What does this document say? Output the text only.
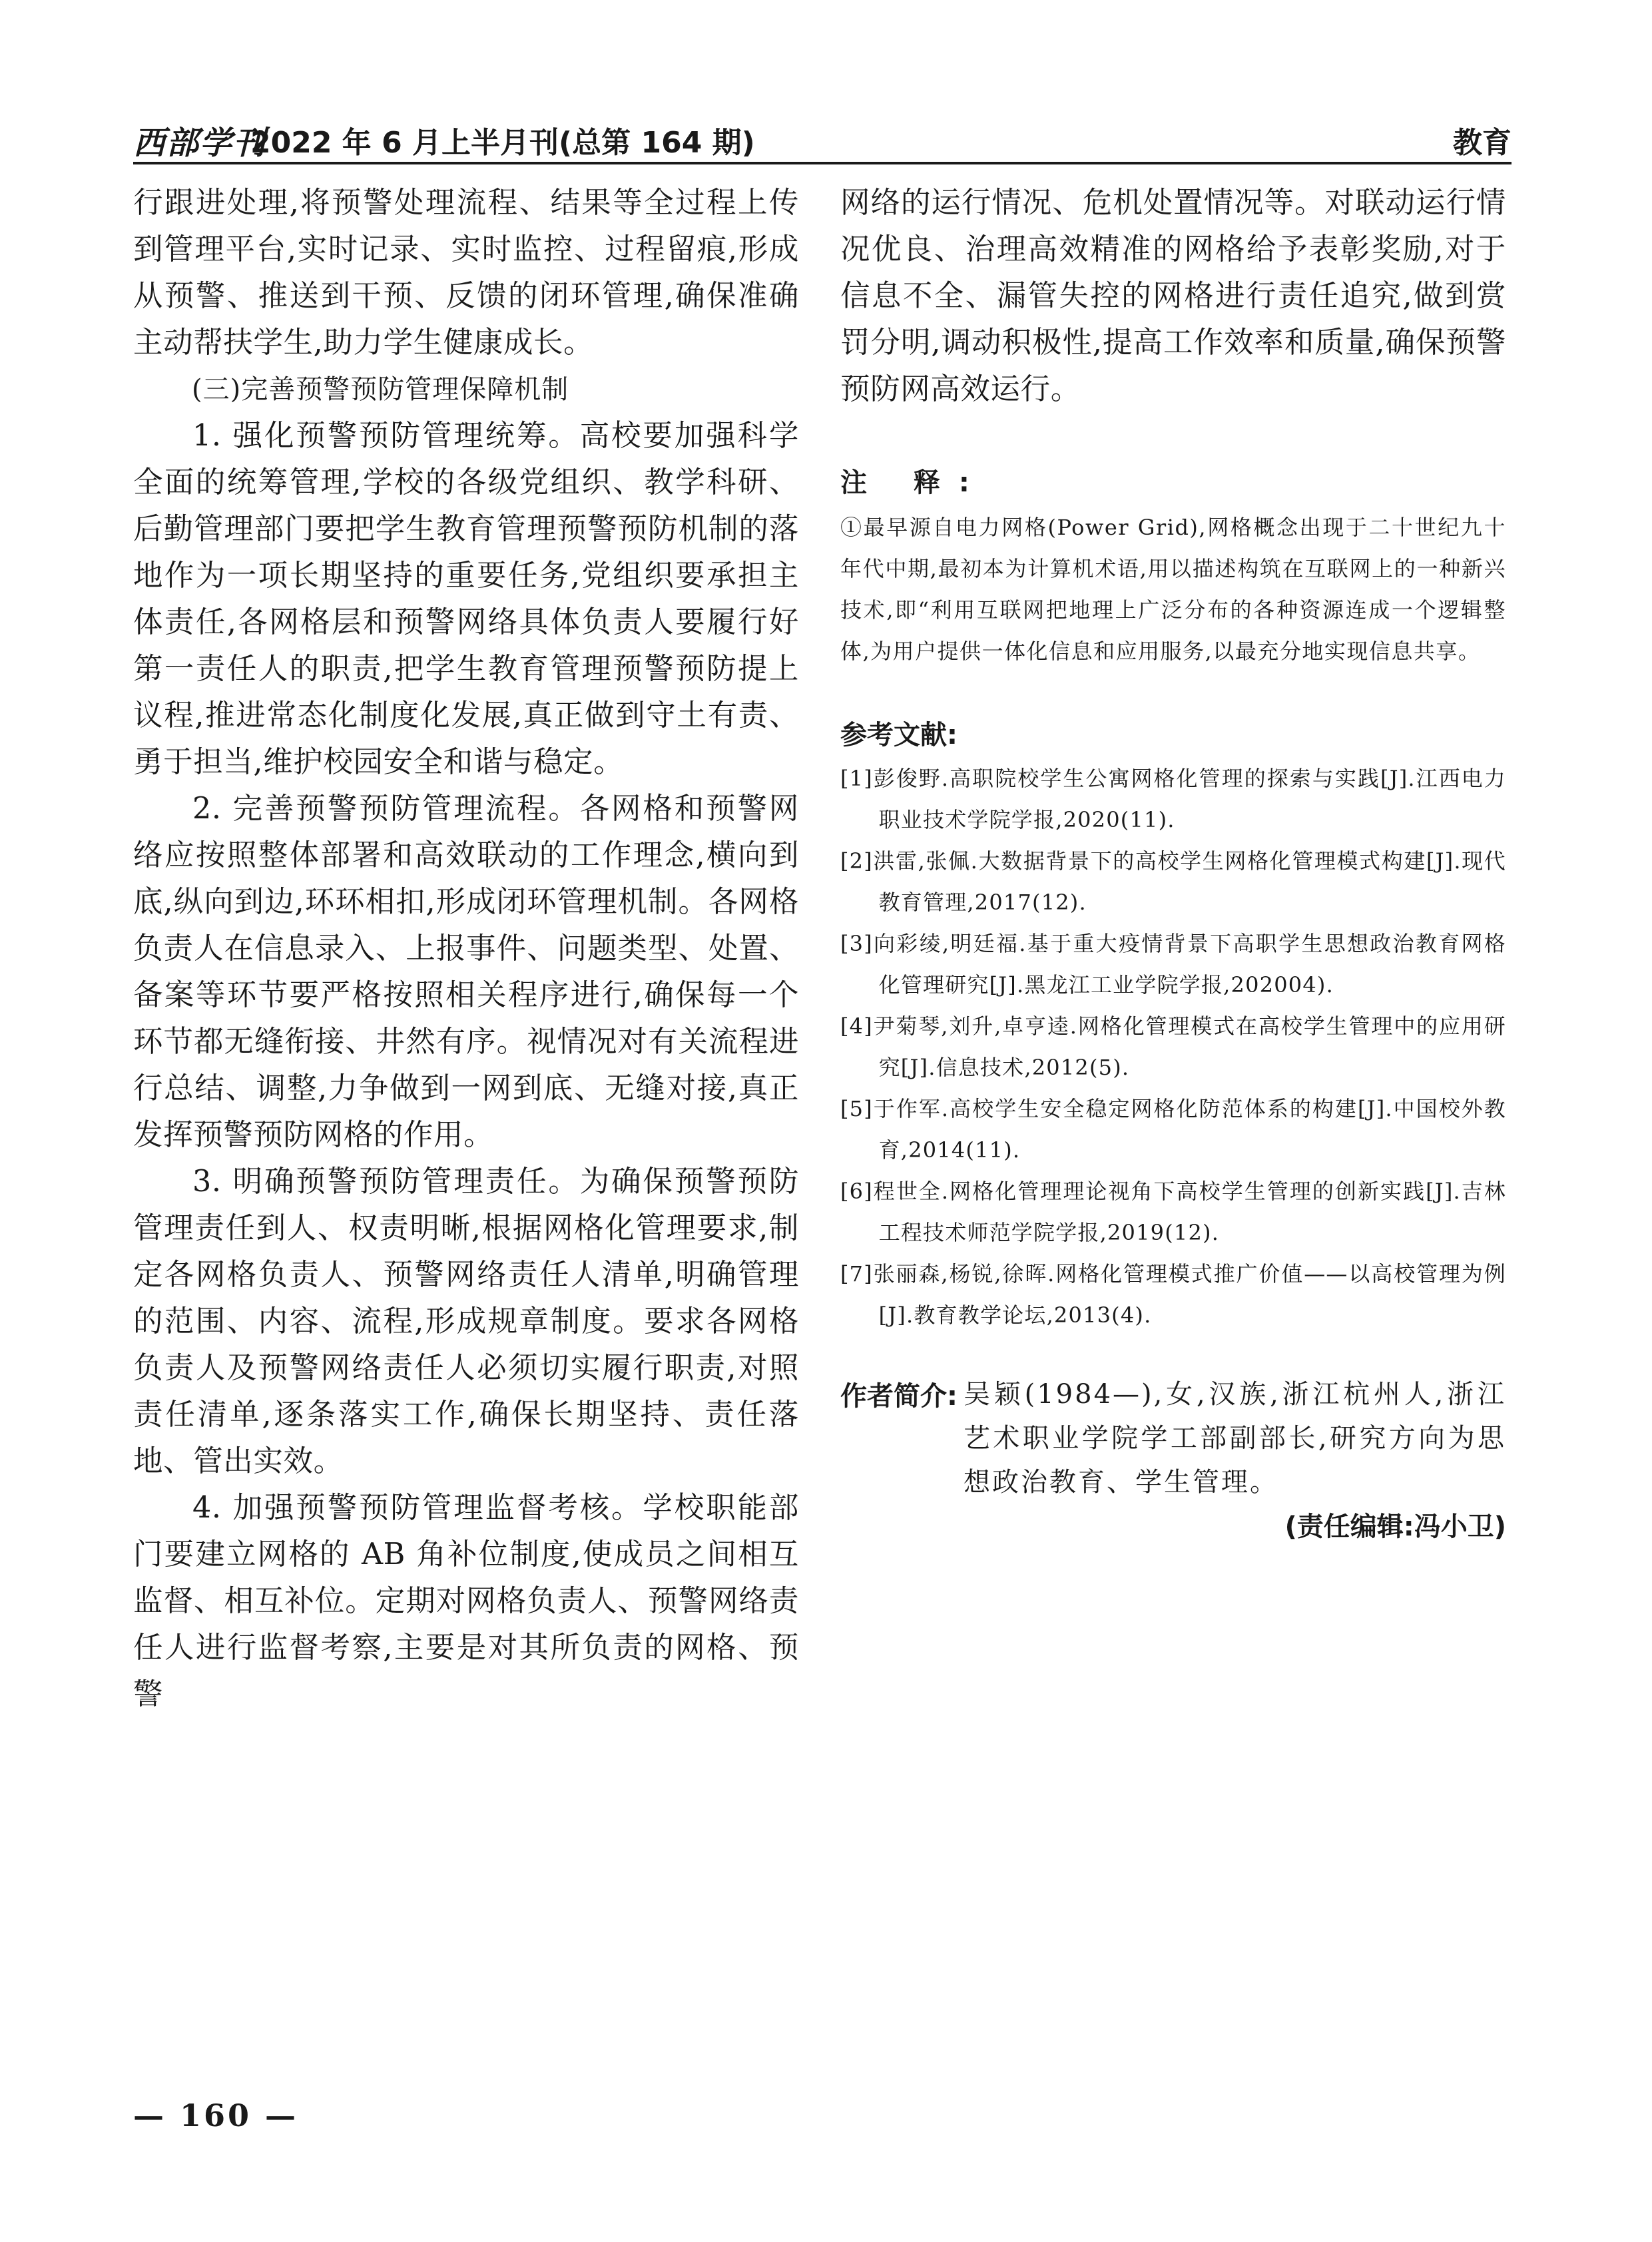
西部学刊
2022 年 6 月上半月刊(总第 164 期)	教育

行跟进处理,将预警处理流程、结果等全过程上传到管理平台,实时记录、实时监控、过程留痕,形成从预警、推送到干预、反馈的闭环管理,确保准确主动帮扶学生,助力学生健康成长。

(三)完善预警预防管理保障机制

1. 强化预警预防管理统筹。高校要加强科学全面的统筹管理,学校的各级党组织、教学科研、后勤管理部门要把学生教育管理预警预防机制的落地作为一项长期坚持的重要任务,党组织要承担主体责任,各网格层和预警网络具体负责人要履行好第一责任人的职责,把学生教育管理预警预防提上议程,推进常态化制度化发展,真正做到守土有责、勇于担当,维护校园安全和谐与稳定。

2. 完善预警预防管理流程。各网格和预警网络应按照整体部署和高效联动的工作理念,横向到底,纵向到边,环环相扣,形成闭环管理机制。各网格负责人在信息录入、上报事件、问题类型、处置、备案等环节要严格按照相关程序进行,确保每一个环节都无缝衔接、井然有序。视情况对有关流程进行总结、调整,力争做到一网到底、无缝对接,真正发挥预警预防网格的作用。

3. 明确预警预防管理责任。为确保预警预防管理责任到人、权责明晰,根据网格化管理要求,制定各网格负责人、预警网络责任人清单,明确管理的范围、内容、流程,形成规章制度。要求各网格负责人及预警网络责任人必须切实履行职责,对照责任清单,逐条落实工作,确保长期坚持、责任落地、管出实效。

4. 加强预警预防管理监督考核。学校职能部门要建立网格的 AB 角补位制度,使成员之间相互监督、相互补位。定期对网格负责人、预警网络责任人进行监督考察,主要是对其所负责的网格、预警

网络的运行情况、危机处置情况等。对联动运行情况优良、治理高效精准的网格给予表彰奖励,对于信息不全、漏管失控的网格进行责任追究,做到赏罚分明,调动积极性,提高工作效率和质量,确保预警预防网高效运行。

注 释:

①最早源自电力网格(Power Grid),网格概念出现于二十世纪九十年代中期,最初本为计算机术语,用以描述构筑在互联网上的一种新兴技术,即“利用互联网把地理上广泛分布的各种资源连成一个逻辑整体,为用户提供一体化信息和应用服务,以最充分地实现信息共享。

参考文献:

[1]彭俊野.高职院校学生公寓网格化管理的探索与实践[J].江西电力职业技术学院学报,2020(11).
[2]洪雷,张佩.大数据背景下的高校学生网格化管理模式构建[J].现代教育管理,2017(12).
[3]向彩绫,明廷福.基于重大疫情背景下高职学生思想政治教育网格化管理研究[J].黑龙江工业学院学报,202004).
[4]尹菊琴,刘升,卓亨逵.网格化管理模式在高校学生管理中的应用研究[J].信息技术,2012(5).
[5]于作军.高校学生安全稳定网格化防范体系的构建[J].中国校外教育,2014(11).
[6]程世全.网格化管理理论视角下高校学生管理的创新实践[J].吉林工程技术师范学院学报,2019(12).
[7]张丽森,杨锐,徐晖.网格化管理模式推广价值——以高校管理为例[J].教育教学论坛,2013(4).
作者简介: 吴颖(1984—),女,汉族,浙江杭州人,浙江艺术职业学院学工部副部长,研究方向为思想政治教育、学生管理。

(责任编辑:冯小卫)

— 160 —
